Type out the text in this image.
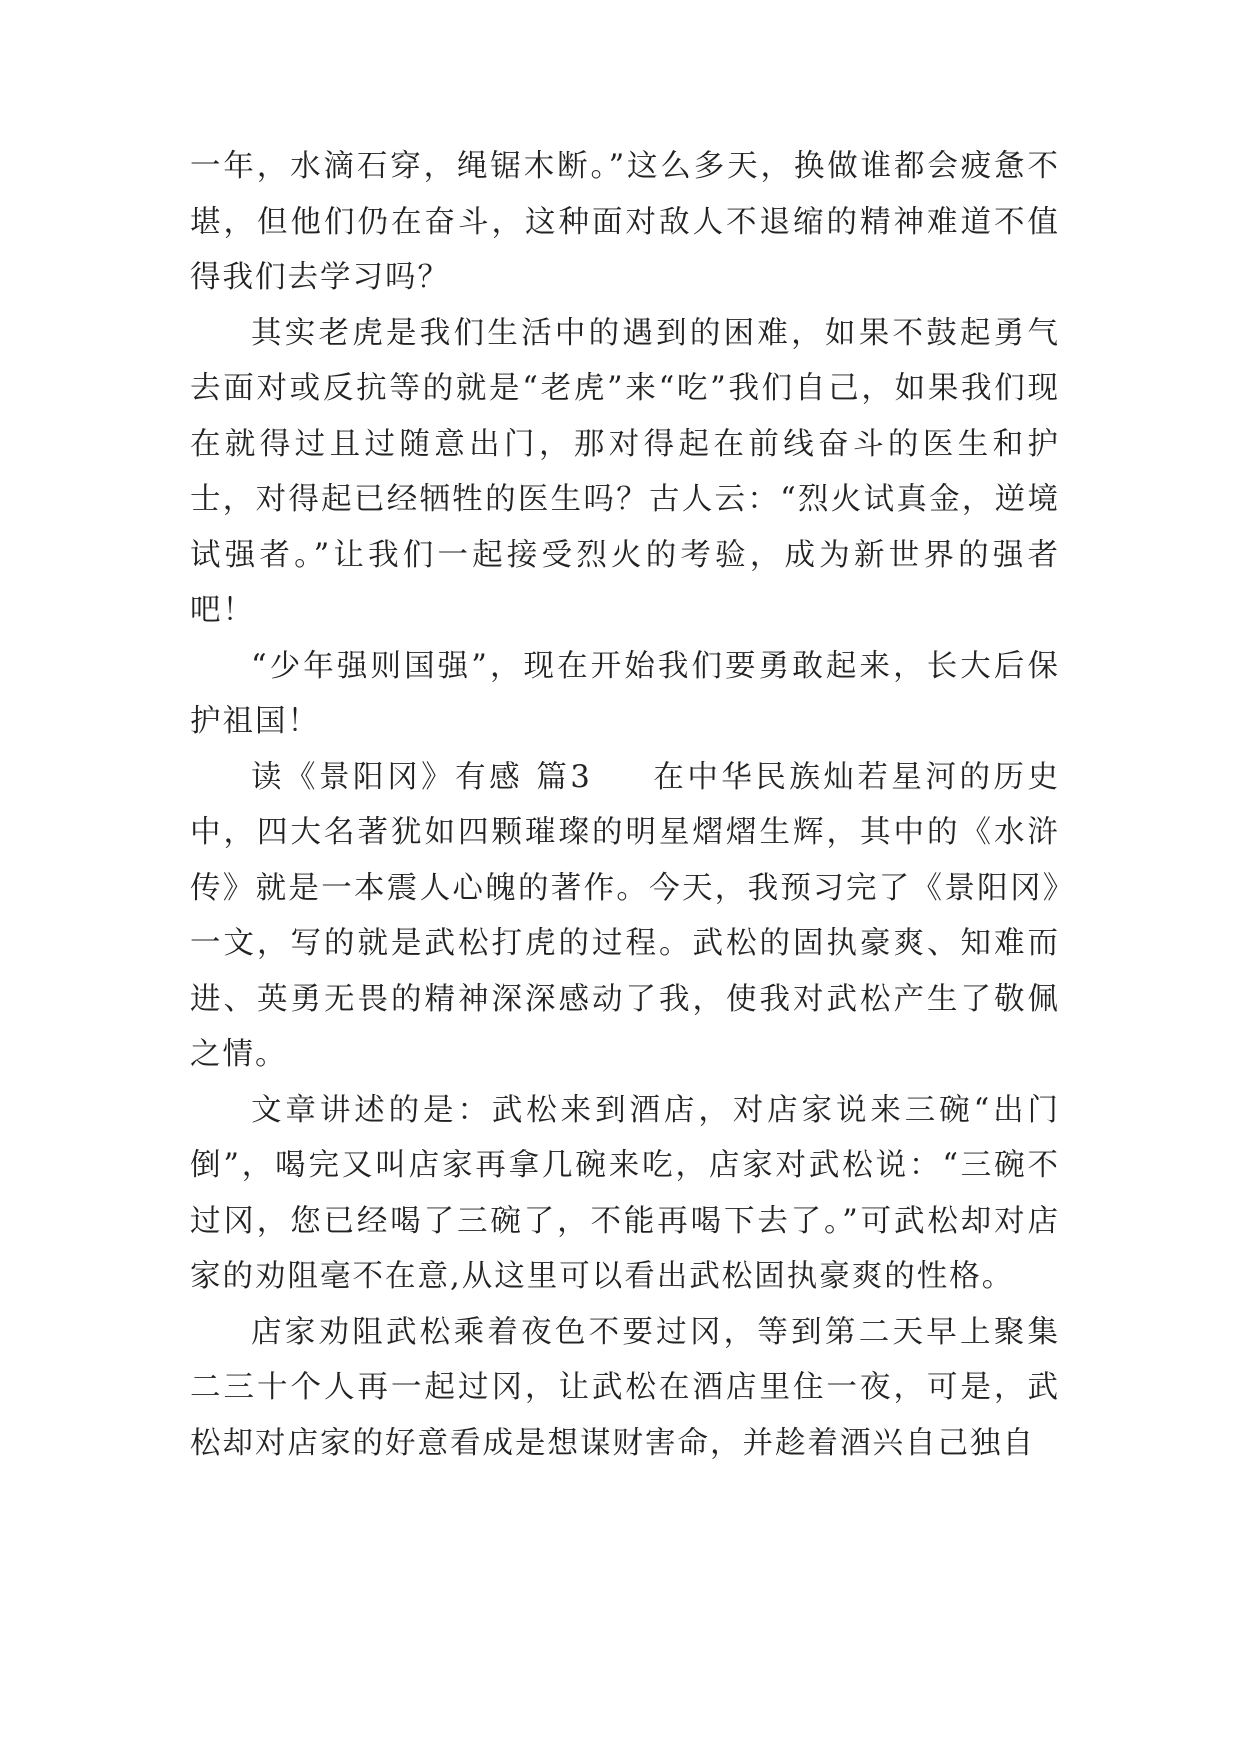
一年，水滴石穿，绳锯木断。”这么多天，换做谁都会疲惫不堪，但他们仍在奋斗，这种面对敌人不退缩的精神难道不值得我们去学习吗？

其实老虎是我们生活中的遇到的困难，如果不鼓起勇气去面对或反抗等的就是“老虎”来“吃”我们自己，如果我们现在就得过且过随意出门，那对得起在前线奋斗的医生和护士，对得起已经牺牲的医生吗？古人云：“烈火试真金，逆境试强者。”让我们一起接受烈火的考验，成为新世界的强者吧！

“少年强则国强”，现在开始我们要勇敢起来，长大后保护祖国！

读《景阳冈》有感 篇3 在中华民族灿若星河的历史中，四大名著犹如四颗璀璨的明星熠熠生辉，其中的《水浒传》就是一本震人心魄的著作。今天，我预习完了《景阳冈》一文，写的就是武松打虎的过程。武松的固执豪爽、知难而进、英勇无畏的精神深深感动了我，使我对武松产生了敬佩之情。

文章讲述的是：武松来到酒店，对店家说来三碗“出门倒”，喝完又叫店家再拿几碗来吃，店家对武松说：“三碗不过冈，您已经喝了三碗了，不能再喝下去了。”可武松却对店家的劝阻毫不在意,从这里可以看出武松固执豪爽的性格。

店家劝阻武松乘着夜色不要过冈，等到第二天早上聚集二三十个人再一起过冈，让武松在酒店里住一夜，可是，武松却对店家的好意看成是想谋财害命，并趁着酒兴自己独自
